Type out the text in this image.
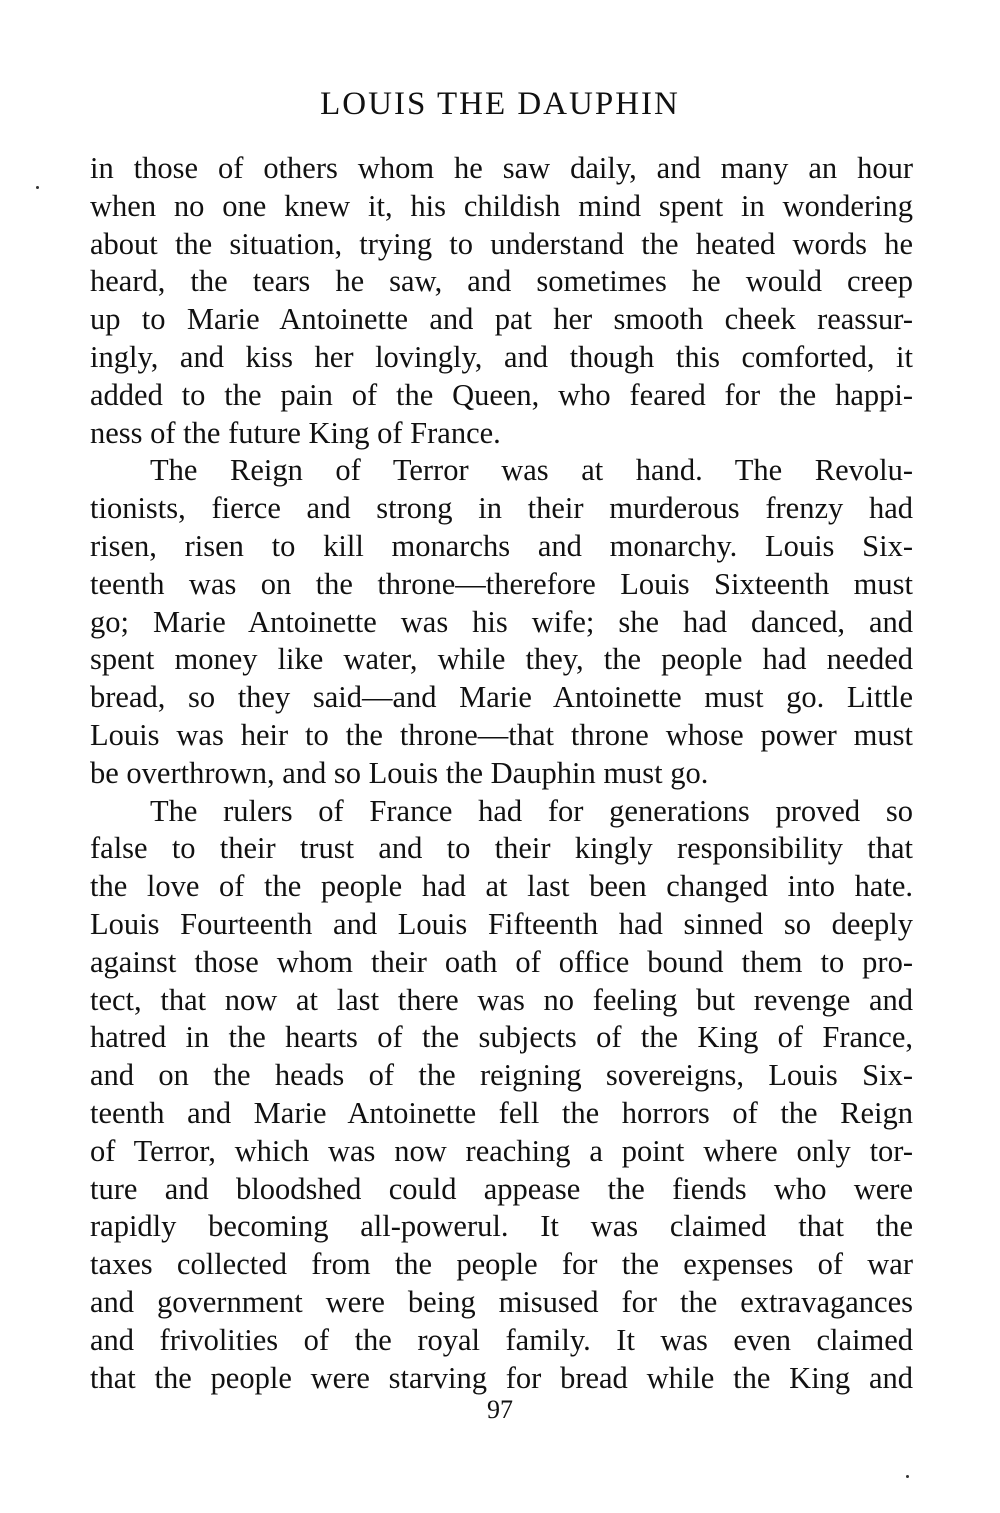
LOUIS THE DAUPHIN
in those of others whom he saw daily, and many an hour
when no one knew it, his childish mind spent in wondering
about the situation, trying to understand the heated words he
heard, the tears he saw, and sometimes he would creep
up to Marie Antoinette and pat her smooth cheek reassur-
ingly, and kiss her lovingly, and though this comforted, it
added to the pain of the Queen, who feared for the happi-
ness of the future King of France.
The Reign of Terror was at hand. The Revolu-
tionists, fierce and strong in their murderous frenzy had
risen, risen to kill monarchs and monarchy. Louis Six-
teenth was on the throne—therefore Louis Sixteenth must
go; Marie Antoinette was his wife; she had danced, and
spent money like water, while they, the people had needed
bread, so they said—and Marie Antoinette must go. Little
Louis was heir to the throne—that throne whose power must
be overthrown, and so Louis the Dauphin must go.
The rulers of France had for generations proved so
false to their trust and to their kingly responsibility that
the love of the people had at last been changed into hate.
Louis Fourteenth and Louis Fifteenth had sinned so deeply
against those whom their oath of office bound them to pro-
tect, that now at last there was no feeling but revenge and
hatred in the hearts of the subjects of the King of France,
and on the heads of the reigning sovereigns, Louis Six-
teenth and Marie Antoinette fell the horrors of the Reign
of Terror, which was now reaching a point where only tor-
ture and bloodshed could appease the fiends who were
rapidly becoming all-powerul. It was claimed that the
taxes collected from the people for the expenses of war
and government were being misused for the extravagances
and frivolities of the royal family. It was even claimed
that the people were starving for bread while the King and
97
